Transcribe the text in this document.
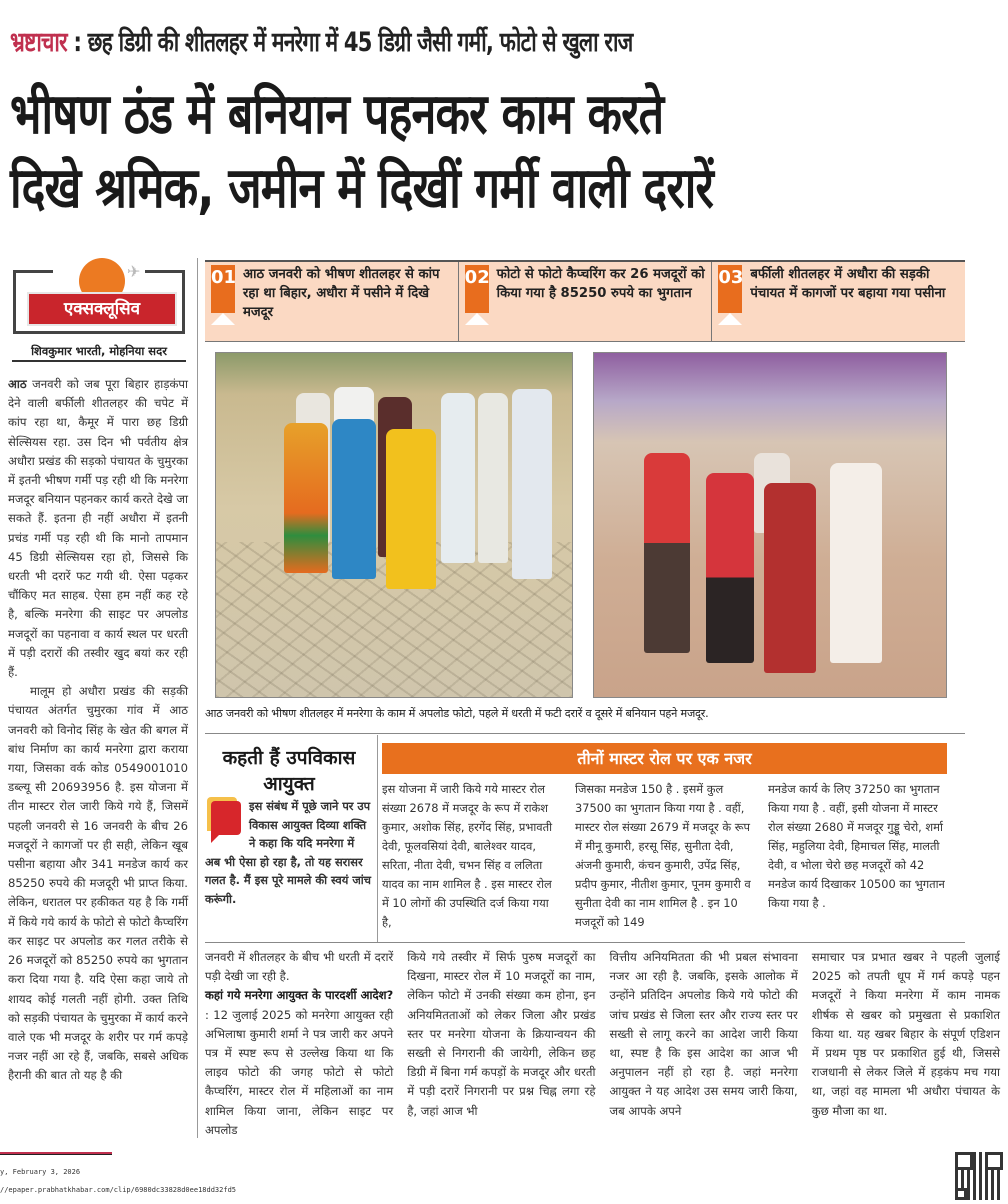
भ्रष्टाचार : छह डिग्री की शीतलहर में मनरेगा में 45 डिग्री जैसी गर्मी, फोटो से खुला राज
भीषण ठंड में बनियान पहनकर काम करते
दिखे श्रमिक, जमीन में दिखीं गर्मी वाली दरारें
✈
एक्सक्लूसिव
शिवकुमार भारती, मोहनिया सदर

आठ जनवरी को जब पूरा बिहार हाड़कंपा देने वाली बर्फीली शीतलहर की चपेट में कांप रहा था, कैमूर में पारा छह डिग्री सेल्सियस रहा. उस दिन भी पर्वतीय क्षेत्र अधौरा प्रखंड की सड़को पंचायत के चुमुरका में इतनी भीषण गर्मी पड़ रही थी कि मनरेगा मजदूर बनियान पहनकर कार्य करते देखे जा सकते हैं. इतना ही नहीं अधौरा में इतनी प्रचंड गर्मी पड़ रही थी कि मानो तापमान 45 डिग्री सेल्सियस रहा हो, जिससे कि धरती भी दरारें फट गयी थी. ऐसा पढ़कर चौंकिए मत साहब. ऐसा हम नहीं कह रहे है, बल्कि मनरेगा की साइट पर अपलोड मजदूरों का पहनावा व कार्य स्थल पर धरती में पड़ी दरारों की तस्वीर खुद बयां कर रही हैं.

मालूम हो अधौरा प्रखंड की सड़की पंचायत अंतर्गत चुमुरका गांव में आठ जनवरी को विनोद सिंह के खेत की बगल में बांध निर्माण का कार्य मनरेगा द्वारा कराया गया, जिसका वर्क कोड 0549001010 डब्ल्यू सी 20693956 है. इस योजना में तीन मास्टर रोल जारी किये गये हैं, जिसमें पहली जनवरी से 16 जनवरी के बीच 26 मजदूरों ने कागजों पर ही सही, लेकिन खूब पसीना बहाया और 341 मनडेज कार्य कर 85250 रुपये की मजदूरी भी प्राप्त किया. लेकिन, धरातल पर हकीकत यह है कि गर्मी में किये गये कार्य के फोटो से फोटो कैप्चरिंग कर साइट पर अपलोड कर गलत तरीके से 26 मजदूरों को 85250 रुपये का भुगतान करा दिया गया है. यदि ऐसा कहा जाये तो शायद कोई गलती नहीं होगी. उक्त तिथि को सड़की पंचायत के चुमुरका में कार्य करने वाले एक भी मजदूर के शरीर पर गर्म कपड़े नजर नहीं आ रहे हैं, जबकि, सबसे अधिक हैरानी की बात तो यह है की

01 आठ जनवरी को भीषण शीतलहर से कांप रहा था बिहार, अधौरा में पसीने में दिखे मजदूर
02 फोटो से फोटो कैप्चरिंग कर 26 मजदूरों को किया गया है 85250 रुपये का भुगतान
03 बर्फीली शीतलहर में अधौरा की सड़की पंचायत में कागजों पर बहाया गया पसीना
आठ जनवरी को भीषण शीतलहर में मनरेगा के काम में अपलोड फोटो, पहले में धरती में फटी दरारें व दूसरे में बनियान पहने मजदूर.
कहती हैं उपविकास आयुक्त
इस संबंध में पूछे जाने पर उप विकास आयुक्त दिव्या शक्ति ने कहा कि यदि मनरेगा में अब भी ऐसा हो रहा है, तो यह सरासर गलत है. मैं इस पूरे मामले की स्वयं जांच करूंगी.
तीनों मास्टर रोल पर एक नजर
इस योजना में जारी किये गये मास्टर रोल संख्या 2678 में मजदूर के रूप में राकेश कुमार, अशोक सिंह, हरगेंद सिंह, प्रभावती देवी, फूलवसियां देवी, बालेश्वर यादव, सरिता, नीता देवी, चभन सिंह व ललिता यादव का नाम शामिल है . इस मास्टर रोल में 10 लोगों की उपस्थिति दर्ज किया गया है,
जिसका मनडेज 150 है . इसमें कुल 37500 का भुगतान किया गया है . वहीं, मास्टर रोल संख्या 2679 में मजदूर के रूप में मीनू कुमारी, हरसू सिंह, सुनीता देवी, अंजनी कुमारी, कंचन कुमारी, उपेंद्र सिंह, प्रदीप कुमार, नीतीश कुमार, पूनम कुमारी व सुनीता देवी का नाम शामिल है . इन 10 मजदूरों को 149
मनडेज कार्य के लिए 37250 का भुगतान किया गया है . वहीं, इसी योजना में मास्टर रोल संख्या 2680 में मजदूर गुड्डू चेरो, शर्मा सिंह, महुलिया देवी, हिमाचल सिंह, मालती देवी, व भोला चेरो छह मजदूरों को 42 मनडेज कार्य दिखाकर 10500 का भुगतान किया गया है .
जनवरी में शीतलहर के बीच भी धरती में दरारें पड़ी देखी जा रही है.
कहां गये मनरेगा आयुक्त के पारदर्शी आदेश? : 12 जुलाई 2025 को मनरेगा आयुक्त रही अभिलाषा कुमारी शर्मा ने पत्र जारी कर अपने पत्र में स्पष्ट रूप से उल्लेख किया था कि लाइव फोटो की जगह फोटो से फोटो कैप्चरिंग, मास्टर रोल में महिलाओं का नाम शामिल किया जाना, लेकिन साइट पर अपलोड
किये गये तस्वीर में सिर्फ पुरुष मजदूरों का दिखना, मास्टर रोल में 10 मजदूरों का नाम, लेकिन फोटो में उनकी संख्या कम होना, इन अनियमितताओं को लेकर जिला और प्रखंड स्तर पर मनरेगा योजना के क्रियान्वयन की सख्ती से निगरानी की जायेगी, लेकिन छह डिग्री में बिना गर्म कपड़ों के मजदूर और धरती में पड़ी दरारें निगरानी पर प्रश्न चिह्न लगा रहे है, जहां आज भी
वित्तीय अनियमितता की भी प्रबल संभावना नजर आ रही है. जबकि, इसके आलोक में उन्होंने प्रतिदिन अपलोड किये गये फोटो की जांच प्रखंड से जिला स्तर और राज्य स्तर पर सख्ती से लागू करने का आदेश जारी किया था, स्पष्ट है कि इस आदेश का आज भी अनुपालन नहीं हो रहा है. जहां मनरेगा आयुक्त ने यह आदेश उस समय जारी किया, जब आपके अपने
समाचार पत्र प्रभात खबर ने पहली जुलाई 2025 को तपती धूप में गर्म कपड़े पहन मजदूरों ने किया मनरेगा में काम नामक शीर्षक से खबर को प्रमुखता से प्रकाशित किया था. यह खबर बिहार के संपूर्ण एडिशन में प्रथम पृष्ठ पर प्रकाशित हुई थी, जिससे राजधानी से लेकर जिले में हड़कंप मच गया था, जहां वह मामला भी अधौरा पंचायत के कुछ मौजा का था.
y, February 3, 2026
//epaper.prabhatkhabar.com/clip/6980dc33828d0ee18dd32fd5
